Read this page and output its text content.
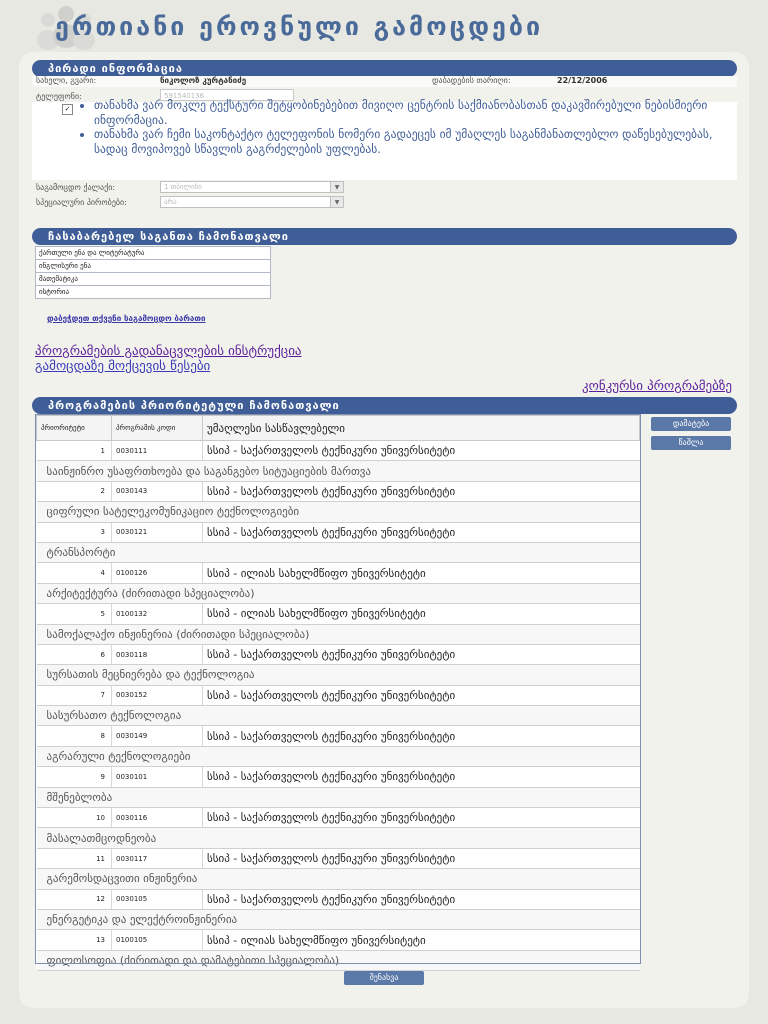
ერთიანი ეროვნული გამოცდები
პირადი ინფორმაცია
სახელი, გვარი:	ნიკოლოზ კურტანიძე	დაბადების თარიღი:	22/12/2006
ტელეფონი:	591540136
✓ • თანახმა ვარ მოკლე ტექსტური შეტყობინებებით მივიღო ცენტრის საქმიანობასთან დაკავშირებული ნებისმიერი ინფორმაცია.
• თანახმა ვარ ჩემი საკონტაქტო ტელეფონის ნომერი გადაეცეს იმ უმაღლეს საგანმანათლებლო დაწესებულებას, სადაც მოვიპოვებ სწავლის გაგრძელების უფლებას.
საგამოცდო ქალაქი:	1 თბილისი	▼
სპეციალური პირობები:	არა	▼
ჩასაბარებელ საგანთა ჩამონათვალი
ქართული ენა და ლიტერატურა
ინგლისური ენა
მათემატიკა
ისტორია
დაბეჭდეთ თქვენი საგამოცდო ბარათი
პროგრამების გადანაცვლების ინსტრუქცია
გამოცდაზე მოქცევის წესები
კონკურსი პროგრამებზე
პროგრამების პრიორიტეტული ჩამონათვალი
პრიორიტეტი	პროგრამის კოდი	უმაღლესი სასწავლებელი
1	0030111	სსიპ - საქართველოს ტექნიკური უნივერსიტეტი
საინჟინრო უსაფრთხოება და საგანგებო სიტუაციების მართვა		
2	0030143	სსიპ - საქართველოს ტექნიკური უნივერსიტეტი
ციფრული სატელეკომუნიკაციო ტექნოლოგიები		
3	0030121	სსიპ - საქართველოს ტექნიკური უნივერსიტეტი
ტრანსპორტი		
4	0100126	სსიპ - ილიას სახელმწიფო უნივერსიტეტი
არქიტექტურა (ძირითადი სპეციალობა)		
5	0100132	სსიპ - ილიას სახელმწიფო უნივერსიტეტი
სამოქალაქო ინჟინერია (ძირითადი სპეციალობა)		
6	0030118	სსიპ - საქართველოს ტექნიკური უნივერსიტეტი
სურსათის მეცნიერება და ტექნოლოგია		
7	0030152	სსიპ - საქართველოს ტექნიკური უნივერსიტეტი
სასურსათო ტექნოლოგია		
8	0030149	სსიპ - საქართველოს ტექნიკური უნივერსიტეტი
აგრარული ტექნოლოგიები		
9	0030101	სსიპ - საქართველოს ტექნიკური უნივერსიტეტი
მშენებლობა		
10	0030116	სსიპ - საქართველოს ტექნიკური უნივერსიტეტი
მასალათმცოდნეობა		
11	0030117	სსიპ - საქართველოს ტექნიკური უნივერსიტეტი
გარემოსდაცვითი ინჟინერია		
12	0030105	სსიპ - საქართველოს ტექნიკური უნივერსიტეტი
ენერგეტიკა და ელექტროინჟინერია		
13	0100105	სსიპ - ილიას სახელმწიფო უნივერსიტეტი
ფილოსოფია (ძირითადი და დამატებითი სპეციალობა)		
დამატება
წაშლა
შენახვა
